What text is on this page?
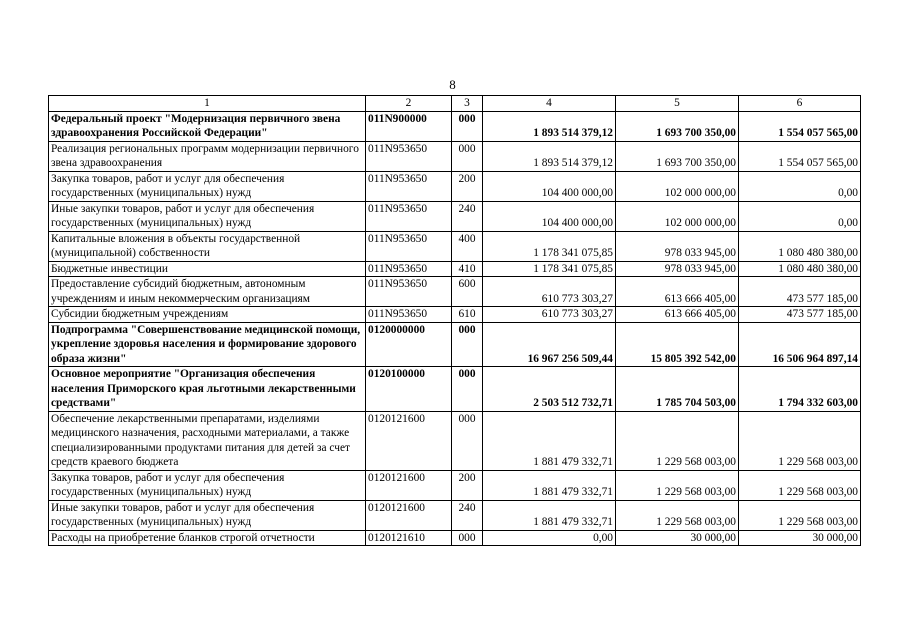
8
1	2	3	4	5	6
Федеральный проект "Модернизация первичного звена здравоохранения Российской Федерации"	011N900000	000	1 893 514 379,12	1 693 700 350,00	1 554 057 565,00
Реализация региональных программ модернизации первичного звена здравоохранения	011N953650	000	1 893 514 379,12	1 693 700 350,00	1 554 057 565,00
Закупка товаров, работ и услуг для обеспечения государственных (муниципальных) нужд	011N953650	200	104 400 000,00	102 000 000,00	0,00
Иные закупки товаров, работ и услуг для обеспечения государственных (муниципальных) нужд	011N953650	240	104 400 000,00	102 000 000,00	0,00
Капитальные вложения в объекты государственной (муниципальной) собственности	011N953650	400	1 178 341 075,85	978 033 945,00	1 080 480 380,00
Бюджетные инвестиции	011N953650	410	1 178 341 075,85	978 033 945,00	1 080 480 380,00
Предоставление субсидий бюджетным, автономным учреждениям и иным некоммерческим организациям	011N953650	600	610 773 303,27	613 666 405,00	473 577 185,00
Субсидии бюджетным учреждениям	011N953650	610	610 773 303,27	613 666 405,00	473 577 185,00
Подпрограмма "Совершенствование медицинской помощи, укрепление здоровья населения и формирование здорового образа жизни"	0120000000	000	16 967 256 509,44	15 805 392 542,00	16 506 964 897,14
Основное мероприятие "Организация обеспечения населения Приморского края льготными лекарственными средствами"	0120100000	000	2 503 512 732,71	1 785 704 503,00	1 794 332 603,00
Обеспечение лекарственными препаратами, изделиями медицинского назначения, расходными материалами, а также специализированными продуктами питания для детей за счет средств краевого бюджета	0120121600	000	1 881 479 332,71	1 229 568 003,00	1 229 568 003,00
Закупка товаров, работ и услуг для обеспечения государственных (муниципальных) нужд	0120121600	200	1 881 479 332,71	1 229 568 003,00	1 229 568 003,00
Иные закупки товаров, работ и услуг для обеспечения государственных (муниципальных) нужд	0120121600	240	1 881 479 332,71	1 229 568 003,00	1 229 568 003,00
Расходы на приобретение бланков строгой отчетности	0120121610	000	0,00	30 000,00	30 000,00
